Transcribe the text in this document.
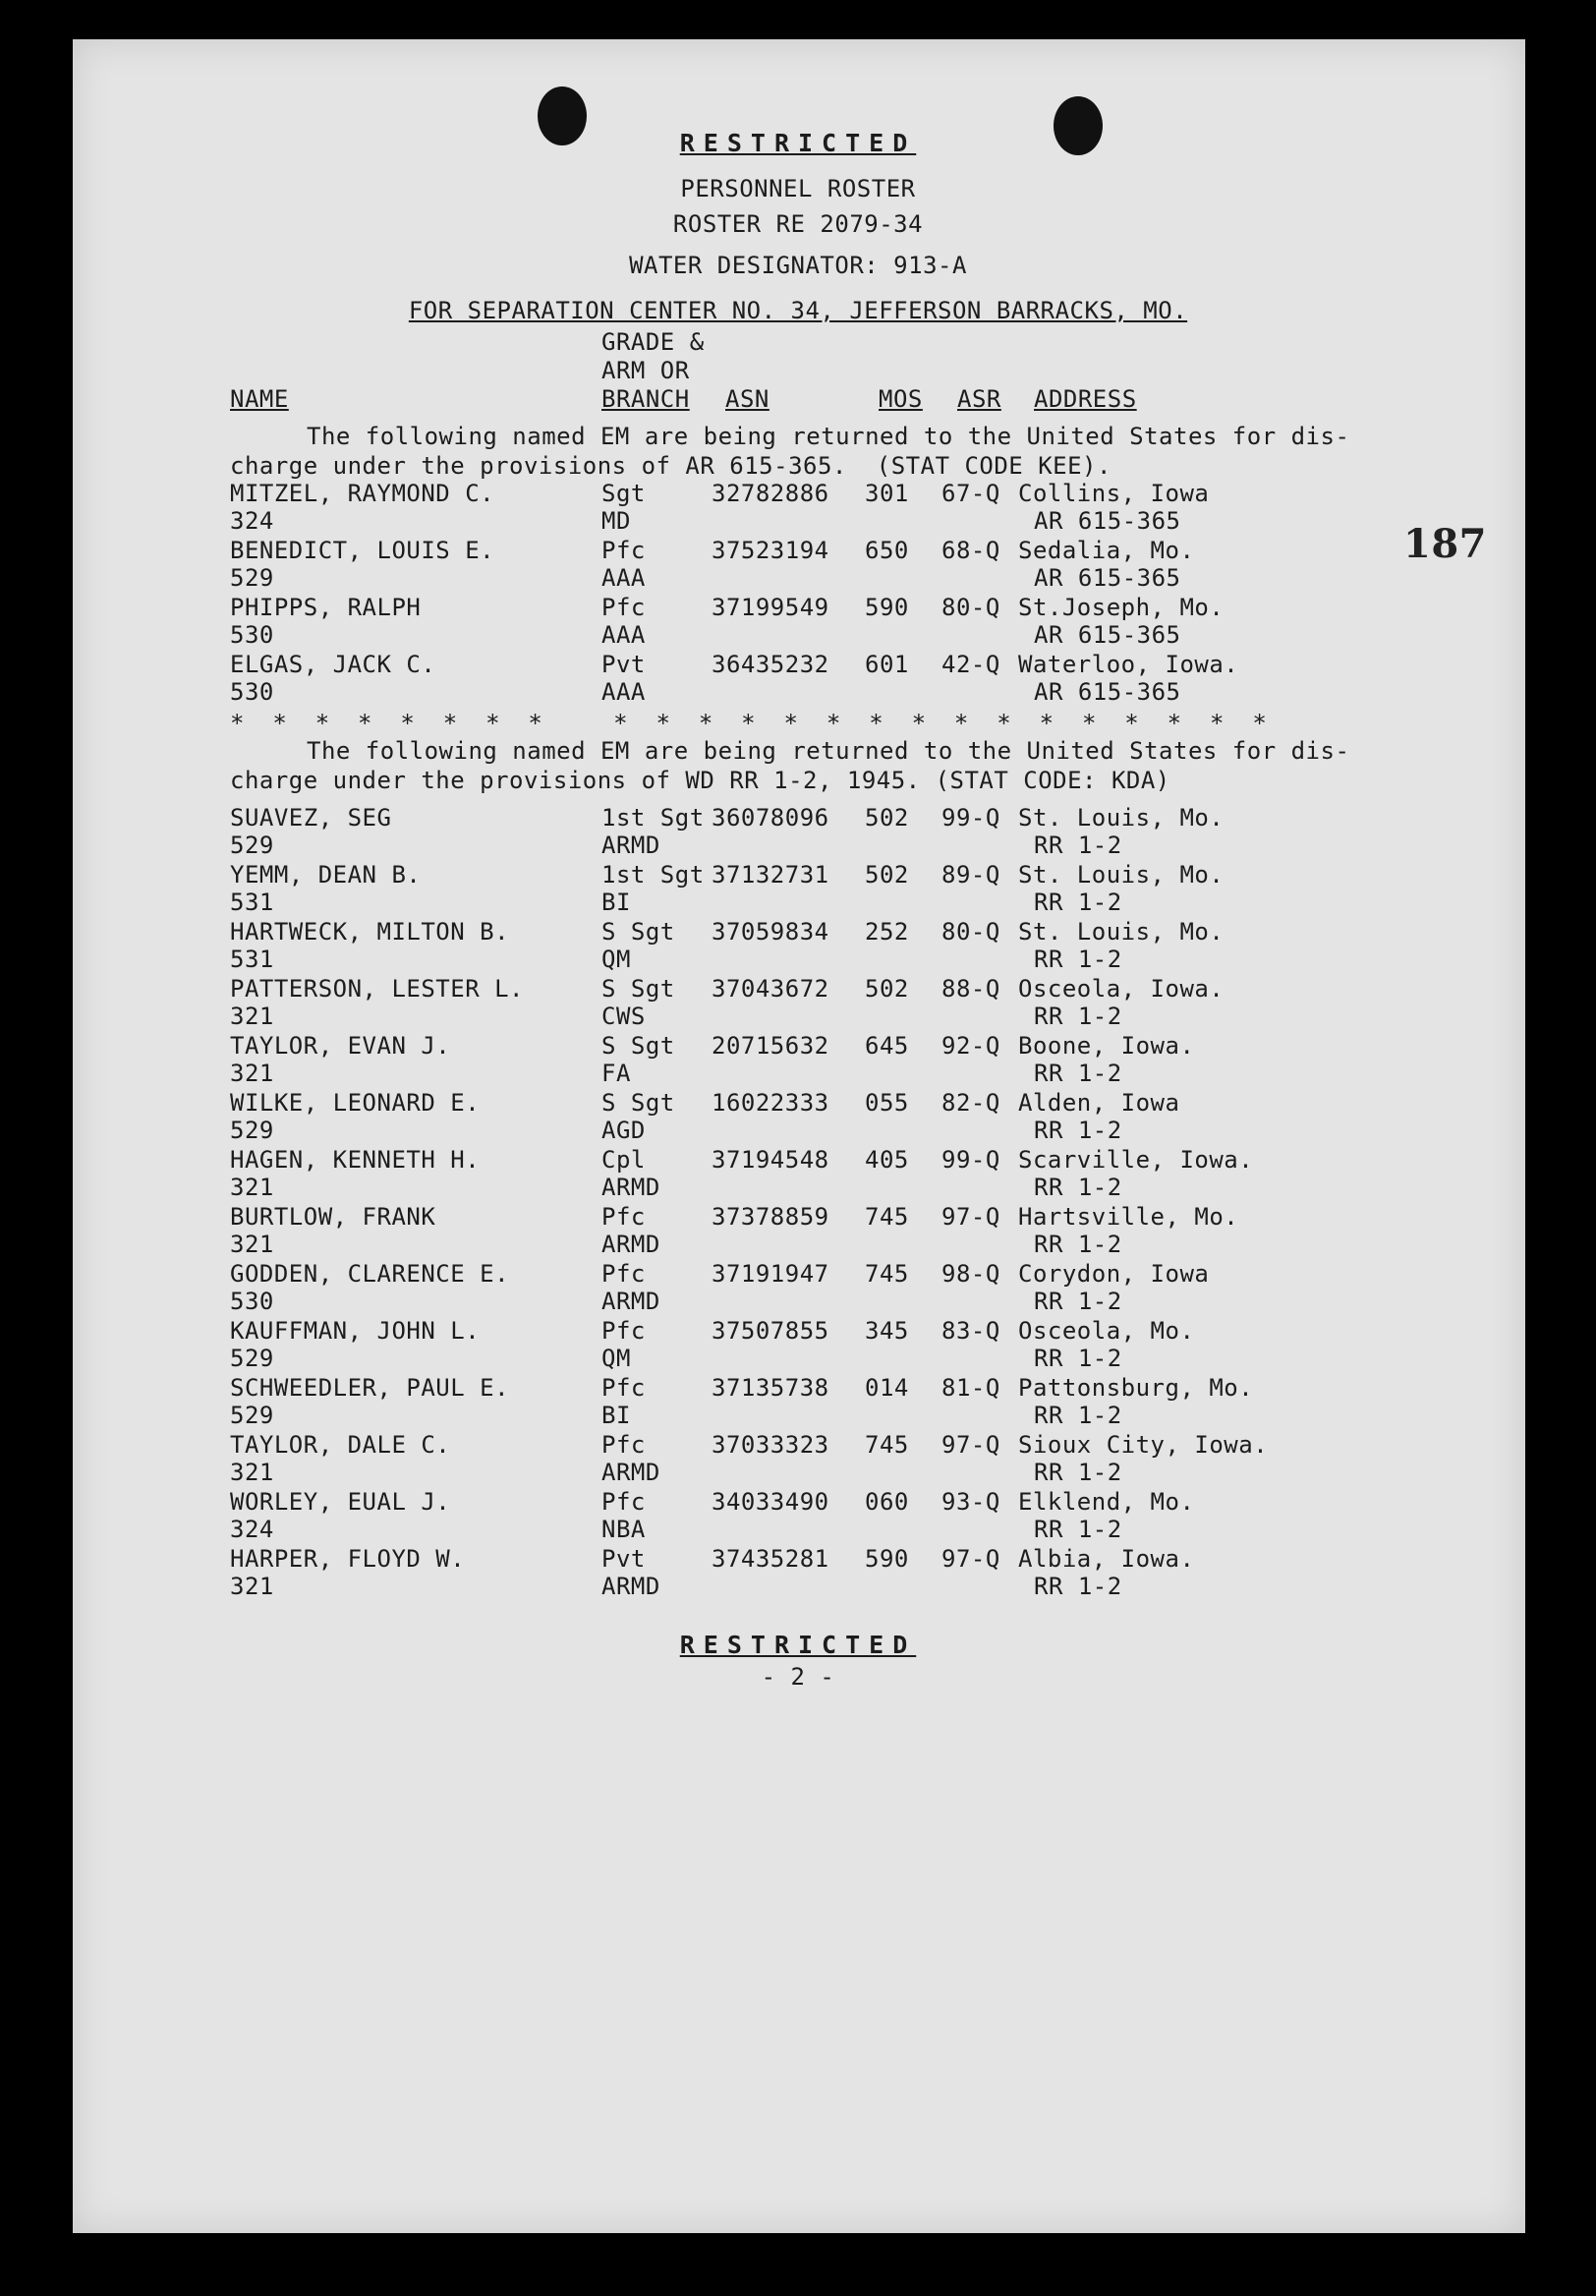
RESTRICTED
PERSONNEL ROSTER
ROSTER RE 2079-34
WATER DESIGNATOR: 913-A
FOR SEPARATION CENTER NO. 34, JEFFERSON BARRACKS, MO.
GRADE &
ARM OR
NAME	BRANCH ASN	MOS ASR ADDRESS
187
The following named EM are being returned to the United States for dis-
charge under the provisions of AR 615-365.  (STAT CODE KEE).
MITZEL, RAYMOND C.
324
Sgt
MD
32782886 301 67-Q Collins, Iowa
AR 615-365
BENEDICT, LOUIS E.
529
Pfc
AAA
37523194 650 68-Q Sedalia, Mo.
AR 615-365
PHIPPS, RALPH
530
Pfc
AAA
37199549 590 80-Q St.Joseph, Mo.
AR 615-365
ELGAS, JACK C.
530
Pvt
AAA
36435232 601 42-Q Waterloo, Iowa.
AR 615-365
*  *  *  *  *  *  *  *     *  *  *  *  *  *  *  *  *  *  *  *  *  *  *  *
The following named EM are being returned to the United States for dis-
charge under the provisions of WD RR 1-2, 1945. (STAT CODE: KDA)
SUAVEZ, SEG
529
1st Sgt
ARMD
36078096 502 99-Q St. Louis, Mo.
RR 1-2
YEMM, DEAN B.
531
1st Sgt
BI
37132731 502 89-Q St. Louis, Mo.
RR 1-2
HARTWECK, MILTON B.
531
S Sgt
QM
37059834 252 80-Q St. Louis, Mo.
RR 1-2
PATTERSON, LESTER L.
321
S Sgt
CWS
37043672 502 88-Q Osceola, Iowa.
RR 1-2
TAYLOR, EVAN J.
321
S Sgt
FA
20715632 645 92-Q Boone, Iowa.
RR 1-2
WILKE, LEONARD E.
529
S Sgt
AGD
16022333 055 82-Q Alden, Iowa
RR 1-2
HAGEN, KENNETH H.
321
Cpl
ARMD
37194548 405 99-Q Scarville, Iowa.
RR 1-2
BURTLOW, FRANK
321
Pfc
ARMD
37378859 745 97-Q Hartsville, Mo.
RR 1-2
GODDEN, CLARENCE E.
530
Pfc
ARMD
37191947 745 98-Q Corydon, Iowa
RR 1-2
KAUFFMAN, JOHN L.
529
Pfc
QM
37507855 345 83-Q Osceola, Mo.
RR 1-2
SCHWEEDLER, PAUL E.
529
Pfc
BI
37135738 014 81-Q Pattonsburg, Mo.
RR 1-2
TAYLOR, DALE C.
321
Pfc
ARMD
37033323 745 97-Q Sioux City, Iowa.
RR 1-2
WORLEY, EUAL J.
324
Pfc
NBA
34033490 060 93-Q Elklend, Mo.
RR 1-2
HARPER, FLOYD W.
321
Pvt
ARMD
37435281 590 97-Q Albia, Iowa.
RR 1-2
RESTRICTED
- 2 -
